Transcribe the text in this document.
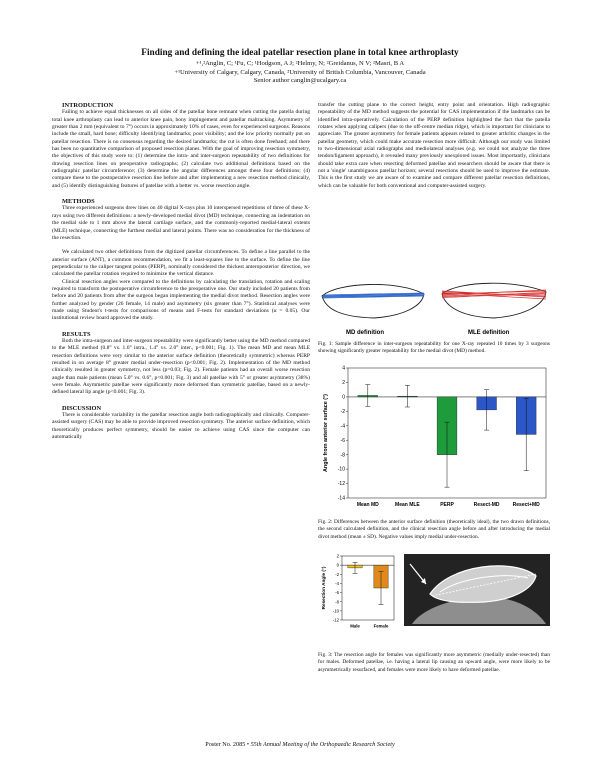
Finding and defining the ideal patellar resection plane in total knee arthroplasty
+¹,²Anglin, C; ¹Fu, C; ¹Hodgson, A J; ²Helmy, N; ²Greidanus, N V; ²Masri, B A
+¹University of Calgary, Calgary, Canada, ²University of British Columbia, Vancouver, Canada
Senior author canglin@ucalgary.ca

INTRODUCTION

Failing to achieve equal thicknesses on all sides of the patellar bone remnant when cutting the patella during total knee arthroplasty can lead to anterior knee pain, bony impingement and patellar maltracking. Asymmetry of greater than 2 mm (equivalent to 7°) occurs in approximately 10% of cases, even for experienced surgeons. Reasons include the small, hard bone; difficulty identifying landmarks; poor visibility; and the low priority normally put on patellar resection. There is no consensus regarding the desired landmarks; the cut is often done freehand; and there has been no quantitative comparison of proposed resection planes. With the goal of improving resection symmetry, the objectives of this study were to: (1) determine the intra- and inter-surgeon repeatability of two definitions for drawing resection lines on preoperative radiographs; (2) calculate two additional definitions based on the radiographic patellar circumference; (3) determine the angular differences amongst these four definitions; (4) compare these to the postoperative resection line before and after implementing a new resection method clinically, and (5) identify distinguishing features of patellae with a better vs. worse resection angle.

METHODS

Three experienced surgeons drew lines on 40 digital X-rays plus 10 interspersed repetitions of three of these X-rays using two different definitions: a newly-developed medial divot (MD) technique, connecting an indentation on the medial side to 1 mm above the lateral cartilage surface, and the commonly-reported medial-lateral extents (MLE) technique, connecting the furthest medial and lateral points. There was no consideration for the thickness of the resection.

We calculated two other definitions from the digitized patellar circumferences. To define a line parallel to the anterior surface (ANT), a common recommendation, we fit a least-squares line to the surface. To define the line perpendicular to the caliper tangent points (PERP), nominally considered the thickest anteroposterior direction, we calculated the patellar rotation required to minimize the vertical distance.

Clinical resection angles were compared to the definitions by calculating the translation, rotation and scaling required to transform the postoperative circumference to the preoperative one. Our study included 20 patients from before and 20 patients from after the surgeon began implementing the medial divot method. Resection angles were further analyzed by gender (26 female, 14 male) and asymmetry (six greater than 7°). Statistical analyses were made using Student's t-tests for comparisons of means and F-tests for standard deviations (α = 0.05). Our institutional review board approved the study.

RESULTS

Both the intra-surgeon and inter-surgeon repeatability were significantly better using the MD method compared to the MLE method (0.8° vs. 1.6° intra., 1.4° vs. 2.0° inter., p<0.001; Fig. 1). The mean MD and mean MLE resection definitions were very similar to the anterior surface definition (theoretically symmetric) whereas PERP resulted in on average 8° greater medial under-resection (p<0.001; Fig. 2). Implementation of the MD method clinically resulted in greater symmetry, not less (p=0.03; Fig. 2). Female patients had an overall worse resection angle than male patients (mean 5.0° vs. 0.6°, p<0.001; Fig. 3) and all patellae with 5° or greater asymmetry (38%) were female. Asymmetric patellae were significantly more deformed than symmetric patellae, based on a newly-defined lateral lip angle (p<0.001; Fig. 3).

DISCUSSION

There is considerable variability in the patellar resection angle both radiographically and clinically. Computer-assisted surgery (CAS) may be able to provide improved resection symmetry. The anterior surface definition, which theoretically produces perfect symmetry, should be easier to achieve using CAS since the computer can automatically

transfer the cutting plane to the correct height, entry point and orientation. High radiographic repeatability of the MD method suggests the potential for CAS implementation if the landmarks can be identified intra-operatively. Calculation of the PERP definition highlighted the fact that the patella rotates when applying calipers (due to the off-centre median ridge), which is important for clinicians to appreciate. The greater asymmetry for female patients appears related to greater arthritic changes in the patellar geometry, which could make accurate resection more difficult. Although our study was limited to two-dimensional axial radiographs and mediolateral analyses (e.g. we could not analyze the three tendon/ligament approach), it revealed many previously unexplored issues. Most importantly, clinicians should take extra care when resecting deformed patellae and researchers should be aware that there is not a 'single' unambiguous patellar horizon; several resections should be used to improve the estimate. This is the first study we are aware of to examine and compare different patellar resection definitions, which can be valuable for both conventional and computer-assisted surgery.

MD definition	MLE definition
Fig. 1: Sample difference in inter-surgeon repeatability for one X-ray repeated 10 times by 3 surgeons showing significantly greater repeatability for the medial divot (MD) method.
4
2
0
-2
-4
-6
-8
-10
-12
-14
Mean MD	Mean MLE	PERP	Resect-MD	Resect+MD
Angle from anterior surface (°)
Fig. 2: Differences between the anterior surface definition (theoretically ideal), the two drawn definitions, the second calculated definition, and the clinical resection angle before and after introducing the medial divot method (mean ± SD). Negative values imply medial under-resection.
2
0
-2
-4
-6
-8
-10
-12
Male	Female
Resection Angle (°)
Fig. 3: The resection angle for females was significantly more asymmetric (medially under-resected) than for males. Deformed patellae, i.e. having a lateral lip causing an upward angle, were more likely to be asymmetrically resurfaced, and females were more likely to have deformed patellae.
Poster No. 2085 • 55th Annual Meeting of the Orthopaedic Research Society
